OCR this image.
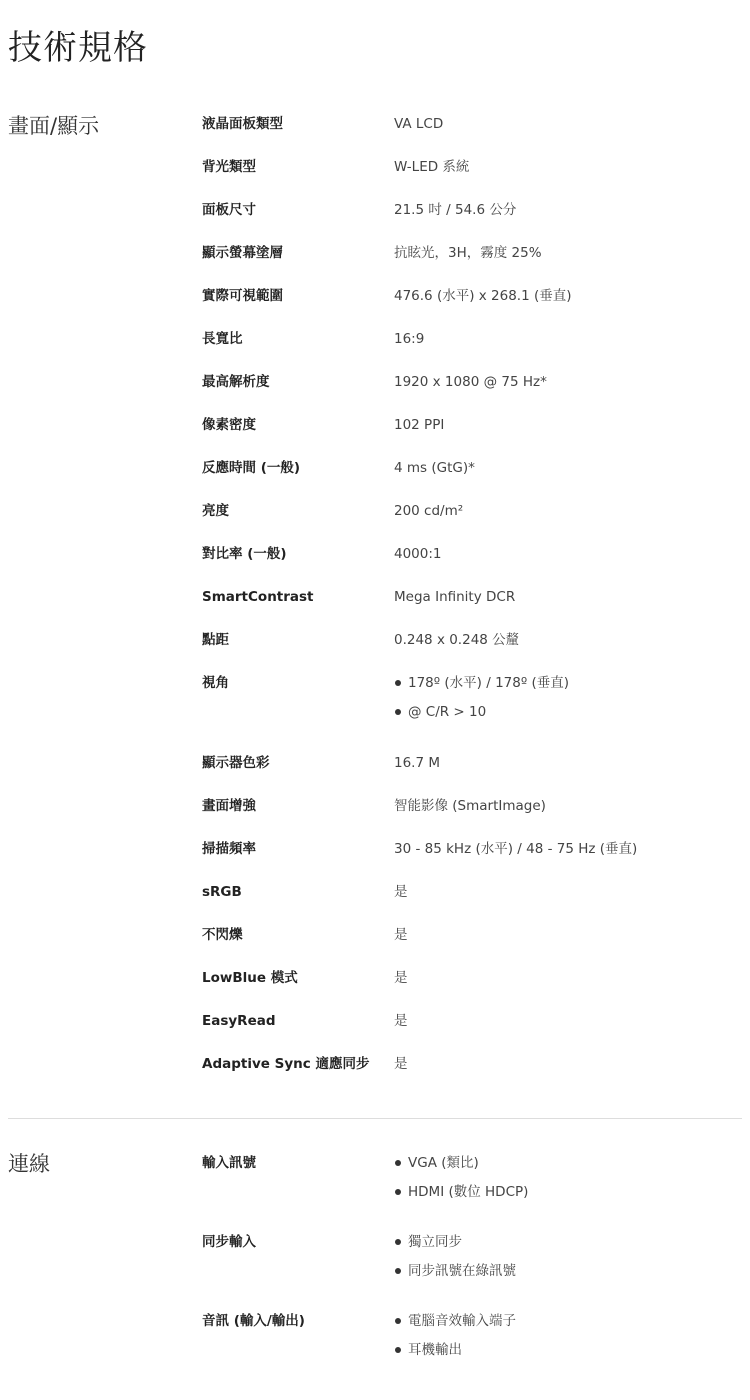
技術規格
畫面/顯示	液晶面板類型	VA LCD
背光類型	W-LED 系統
面板尺寸	21.5 吋 / 54.6 公分
顯示螢幕塗層	抗眩光，3H，霧度 25%
實際可視範圍	476.6 (水平) x 268.1 (垂直)
長寬比	16:9
最高解析度	1920 x 1080 @ 75 Hz*
像素密度	102 PPI
反應時間 (一般)	4 ms (GtG)*
亮度	200 cd/m²
對比率 (一般)	4000:1
SmartContrast	Mega Infinity DCR
點距	0.248 x 0.248 公釐
視角	178º (水平) / 178º (垂直)
@ C/R > 10
顯示器色彩	16.7 M
畫面增強	智能影像 (SmartImage)
掃描頻率	30 - 85 kHz (水平) / 48 - 75 Hz (垂直)
sRGB	是
不閃爍	是
LowBlue 模式	是
EasyRead	是
Adaptive Sync 適應同步	是
連線	輸入訊號	VGA (類比)
HDMI (數位 HDCP)
同步輸入	獨立同步
同步訊號在綠訊號
音訊 (輸入/輸出)	電腦音效輸入端子
耳機輸出
